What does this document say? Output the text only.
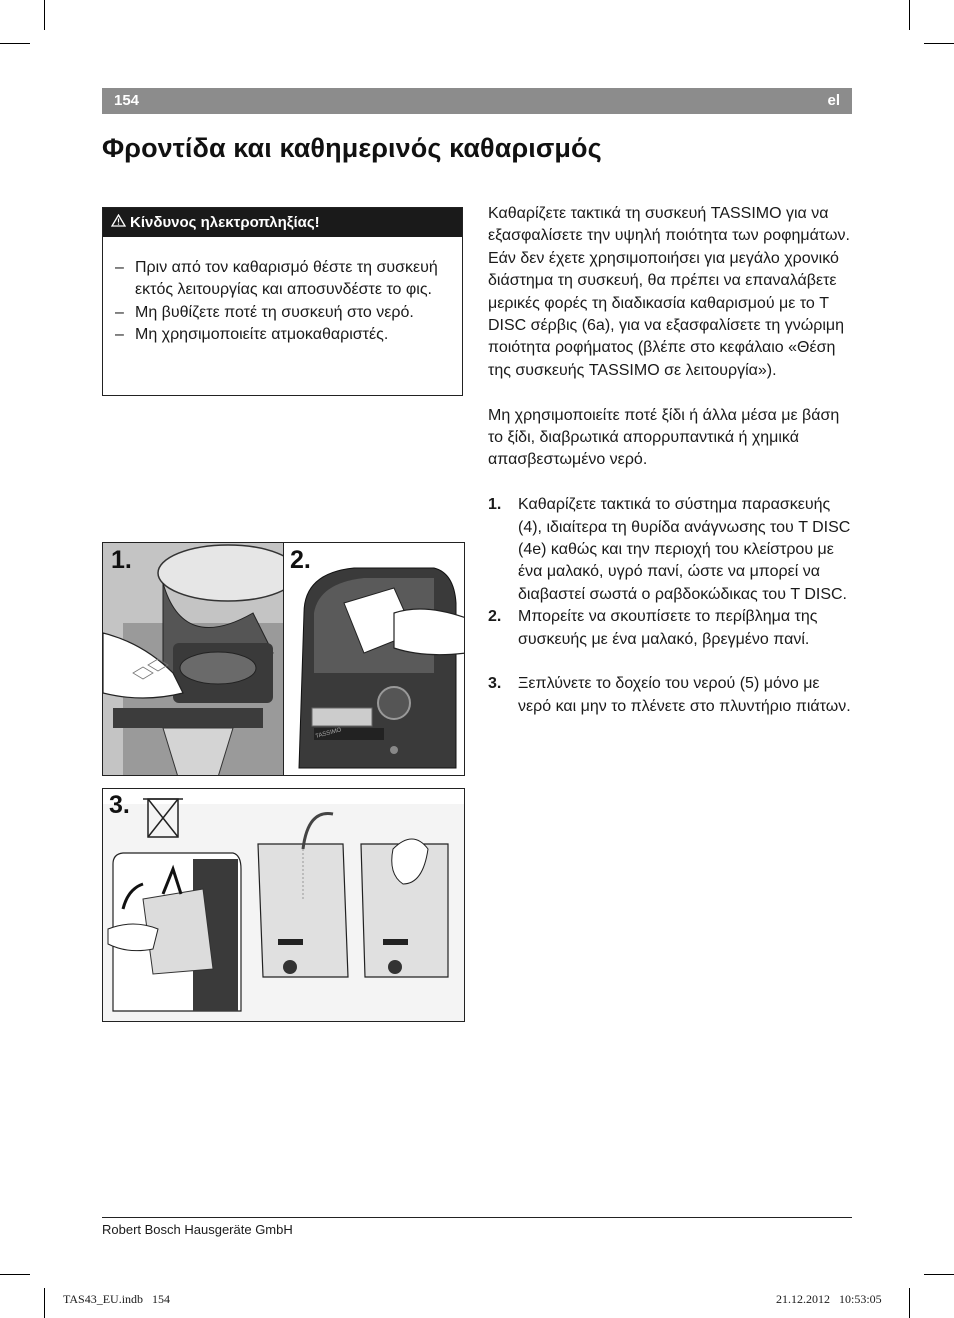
154	el
Φροντίδα και καθημερινός καθαρισμός
Κίνδυνος ηλεκτροπληξίας!
– Πριν από τον καθαρισμό θέστε τη συσκευή εκτός λειτουργίας και αποσυνδέστε το φις.
– Μη βυθίζετε ποτέ τη συσκευή στο νερό.
– Μη χρησιμοποιείτε ατμοκαθαριστές.

Καθαρίζετε τακτικά τη συσκευή TASSIMO για να εξασφαλίσετε την υψηλή ποιότητα των ροφημάτων. Εάν δεν έχετε χρησιμοποιήσει για μεγάλο χρονικό διάστημα τη συσκευή, θα πρέπει να επαναλάβετε μερικές φορές τη διαδικασία καθαρισμού με το T DISC σέρβις (6a), για να εξασφαλίσετε τη γνώριμη ποιότητα ροφήματος (βλέπε στο κεφάλαιο «Θέση της συσκευής TASSIMO σε λειτουργία»).

Μη χρησιμοποιείτε ποτέ ξίδι ή άλλα μέσα με βάση το ξίδι, διαβρωτικά απορρυπαντικά ή χημικά απασβεστωμένο νερό.

1. Καθαρίζετε τακτικά το σύστημα παρασκευής (4), ιδιαίτερα τη θυρίδα ανάγνωσης του T DISC (4e) καθώς και την περιοχή του κλείστρου με ένα μαλακό, υγρό πανί, ώστε να μπορεί να διαβαστεί σωστά ο ραβδοκώδικας του T DISC.
2. Μπορείτε να σκουπίσετε το περίβλημα της συσκευής με ένα μαλακό, βρεγμένο πανί.
3. Ξεπλύνετε το δοχείο του νερού (5) μόνο με νερό και μην το πλένετε στο πλυντήριο πιάτων.
1.
TASSIMO
2.
3.
Robert Bosch Hausgeräte GmbH
TAS43_EU.indb   154	21.12.2012   10:53:05
